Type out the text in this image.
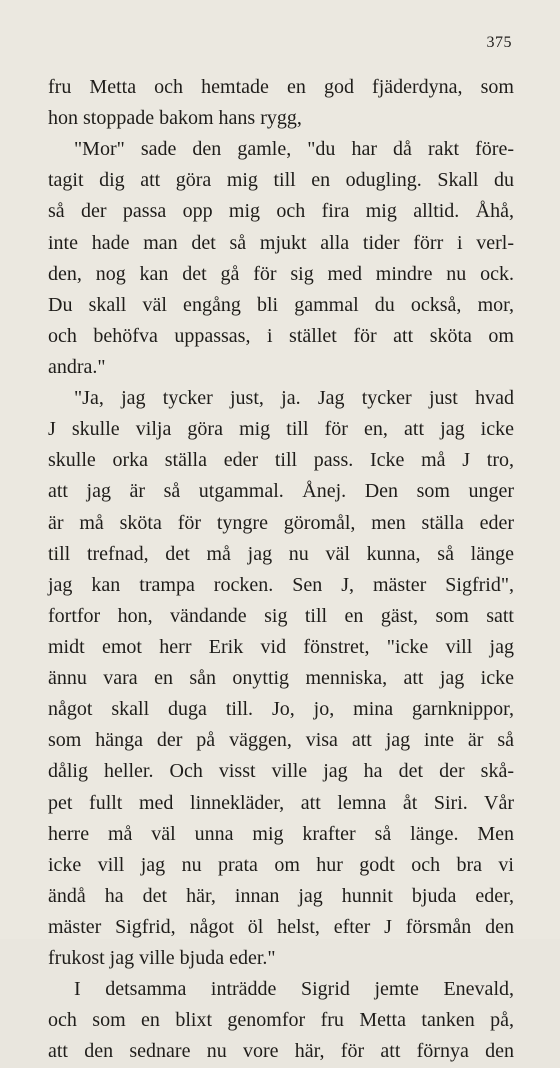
375
fru Metta och hemtade en god fjäderdyna, som
hon stoppade bakom hans rygg,
"Mor" sade den gamle, "du har då rakt före-
tagit dig att göra mig till en odugling. Skall du
så der passa opp mig och fira mig alltid. Åhå,
inte hade man det så mjukt alla tider förr i verl-
den, nog kan det gå för sig med mindre nu ock.
Du skall väl engång bli gammal du också, mor,
och behöfva uppassas, i stället för att sköta om
andra."
"Ja, jag tycker just, ja. Jag tycker just hvad
J skulle vilja göra mig till för en, att jag icke
skulle orka ställa eder till pass. Icke må J tro,
att jag är så utgammal. Ånej. Den som unger
är må sköta för tyngre göromål, men ställa eder
till trefnad, det må jag nu väl kunna, så länge
jag kan trampa rocken. Sen J, mäster Sigfrid",
fortfor hon, vändande sig till en gäst, som satt
midt emot herr Erik vid fönstret, "icke vill jag
ännu vara en sån onyttig menniska, att jag icke
något skall duga till. Jo, jo, mina garnknippor,
som hänga der på väggen, visa att jag inte är så
dålig heller. Och visst ville jag ha det der skå-
pet fullt med linnekläder, att lemna åt Siri. Vår
herre må väl unna mig krafter så länge. Men
icke vill jag nu prata om hur godt och bra vi
ändå ha det här, innan jag hunnit bjuda eder,
mäster Sigfrid, något öl helst, efter J försmån den
frukost jag ville bjuda eder."
I detsamma inträdde Sigrid jemte Enevald,
och som en blixt genomfor fru Metta tanken på,
att den sednare nu vore här, för att förnya den
